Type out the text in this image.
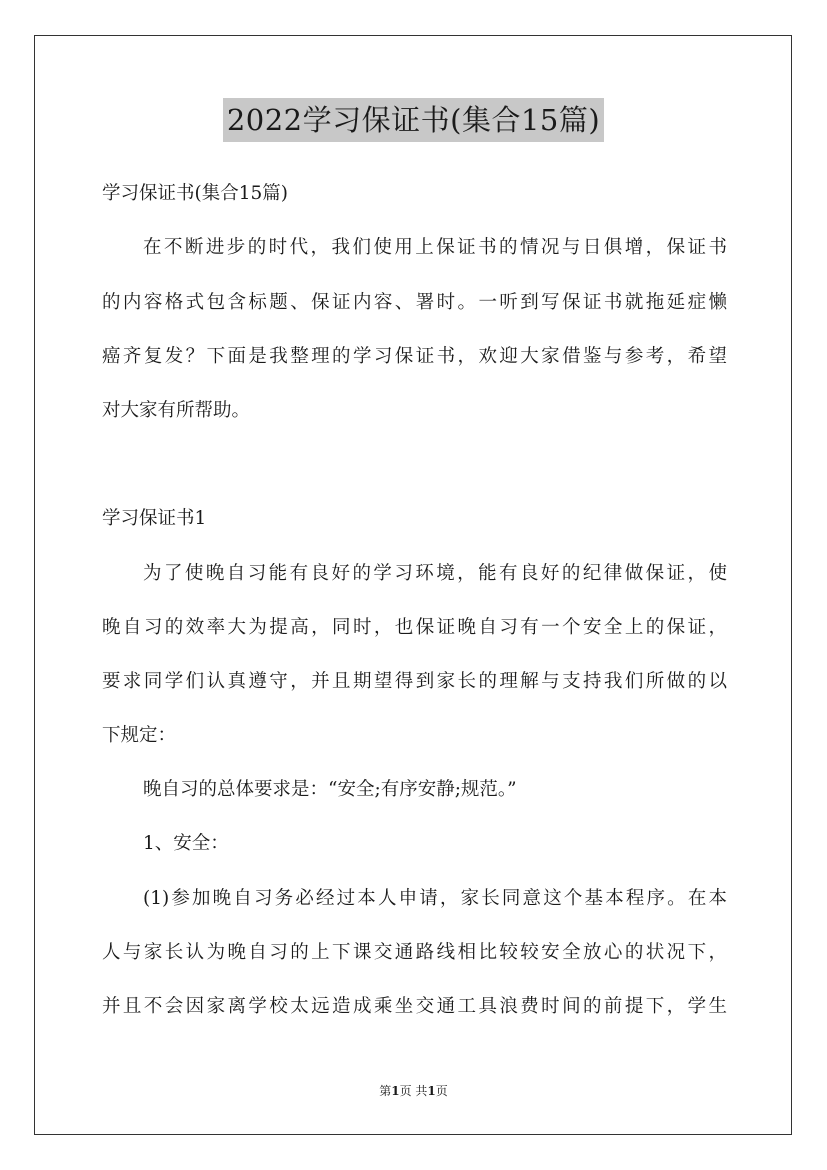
2022学习保证书(集合15篇)
学习保证书(集合15篇)
在不断进步的时代，我们使用上保证书的情况与日俱增，保证书
的内容格式包含标题、保证内容、署时。一听到写保证书就拖延症懒
癌齐复发？下面是我整理的学习保证书，欢迎大家借鉴与参考，希望
对大家有所帮助。
学习保证书1
为了使晚自习能有良好的学习环境，能有良好的纪律做保证，使
晚自习的效率大为提高，同时，也保证晚自习有一个安全上的保证，
要求同学们认真遵守，并且期望得到家长的理解与支持我们所做的以
下规定：
晚自习的总体要求是：“安全;有序安静;规范。”
1、安全：
(1)参加晚自习务必经过本人申请，家长同意这个基本程序。在本
人与家长认为晚自习的上下课交通路线相比较较安全放心的状况下，
并且不会因家离学校太远造成乘坐交通工具浪费时间的前提下，学生
第1页 共1页
